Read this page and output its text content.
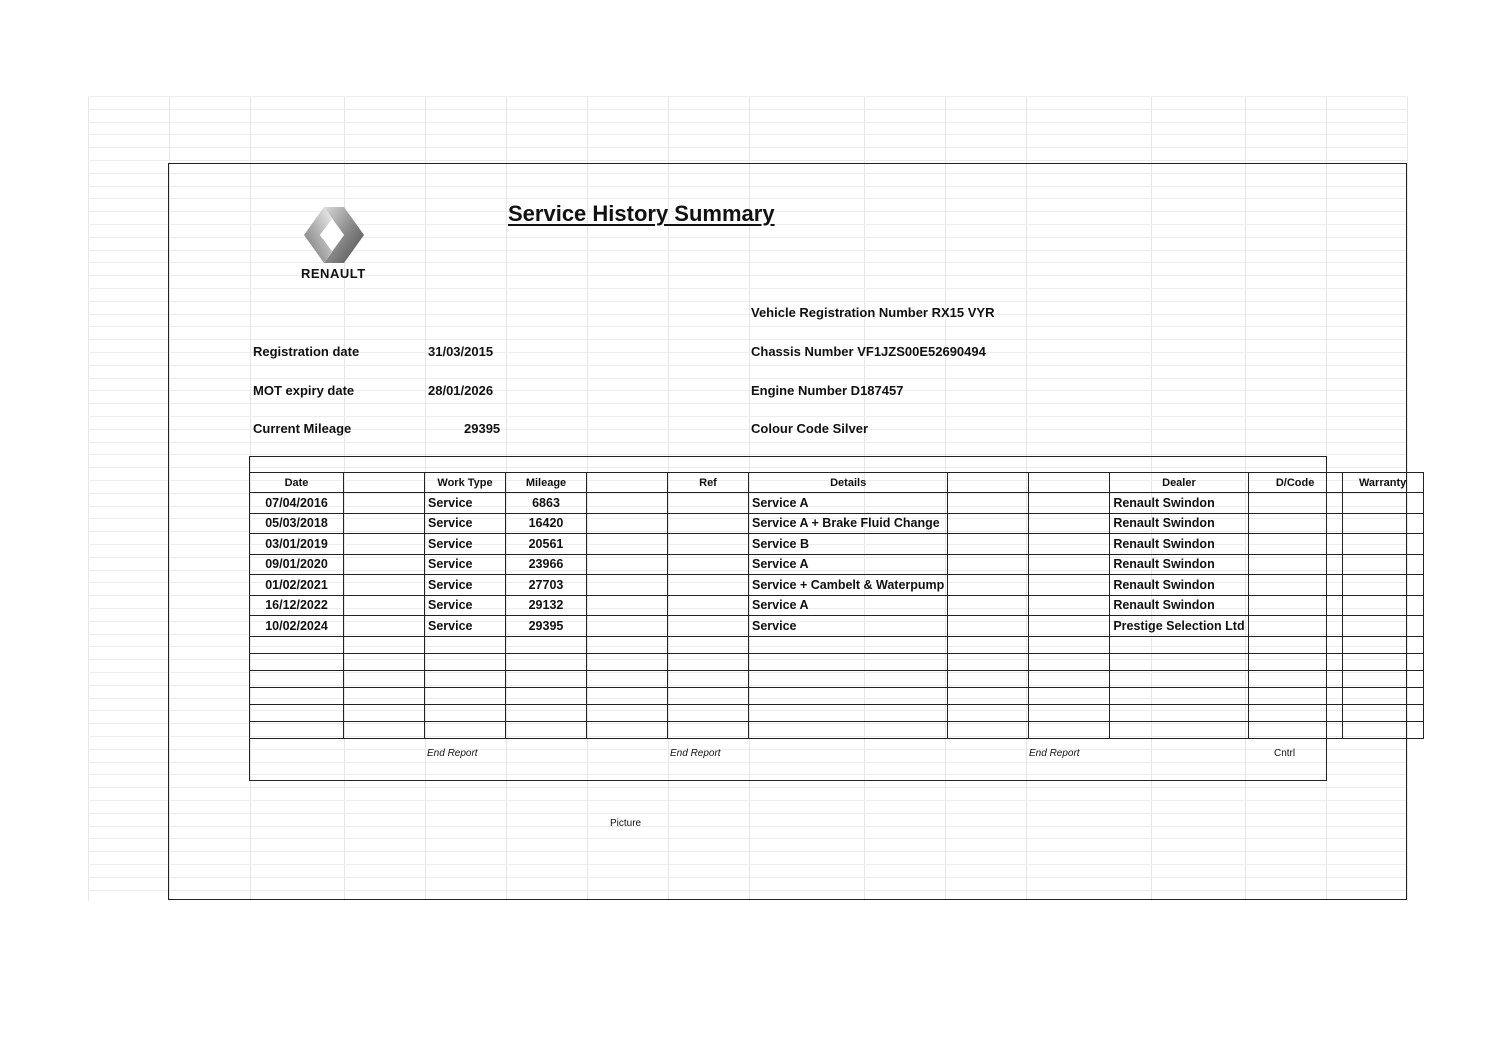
RENAULT
Service History Summary
Vehicle Registration Number RX15 VYR
Chassis Number VF1JZS00E52690494
Engine Number D187457
Colour Code Silver
Registration date	31/03/2015
MOT expiry date	28/01/2026
Current Mileage	29395
Date		Work Type	Mileage		Ref	Details			Dealer	D/Code	Warranty
07/04/2016		Service	6863			Service A			Renault Swindon		
05/03/2018		Service	16420			Service A + Brake Fluid Change			Renault Swindon		
03/01/2019		Service	20561			Service B			Renault Swindon		
09/01/2020		Service	23966			Service A			Renault Swindon		
01/02/2021		Service	27703			Service + Cambelt & Waterpump			Renault Swindon		
16/12/2022		Service	29132			Service A			Renault Swindon		
10/02/2024		Service	29395			Service			Prestige Selection Ltd		

End Report	End Report	End Report	Cntrl
Picture
